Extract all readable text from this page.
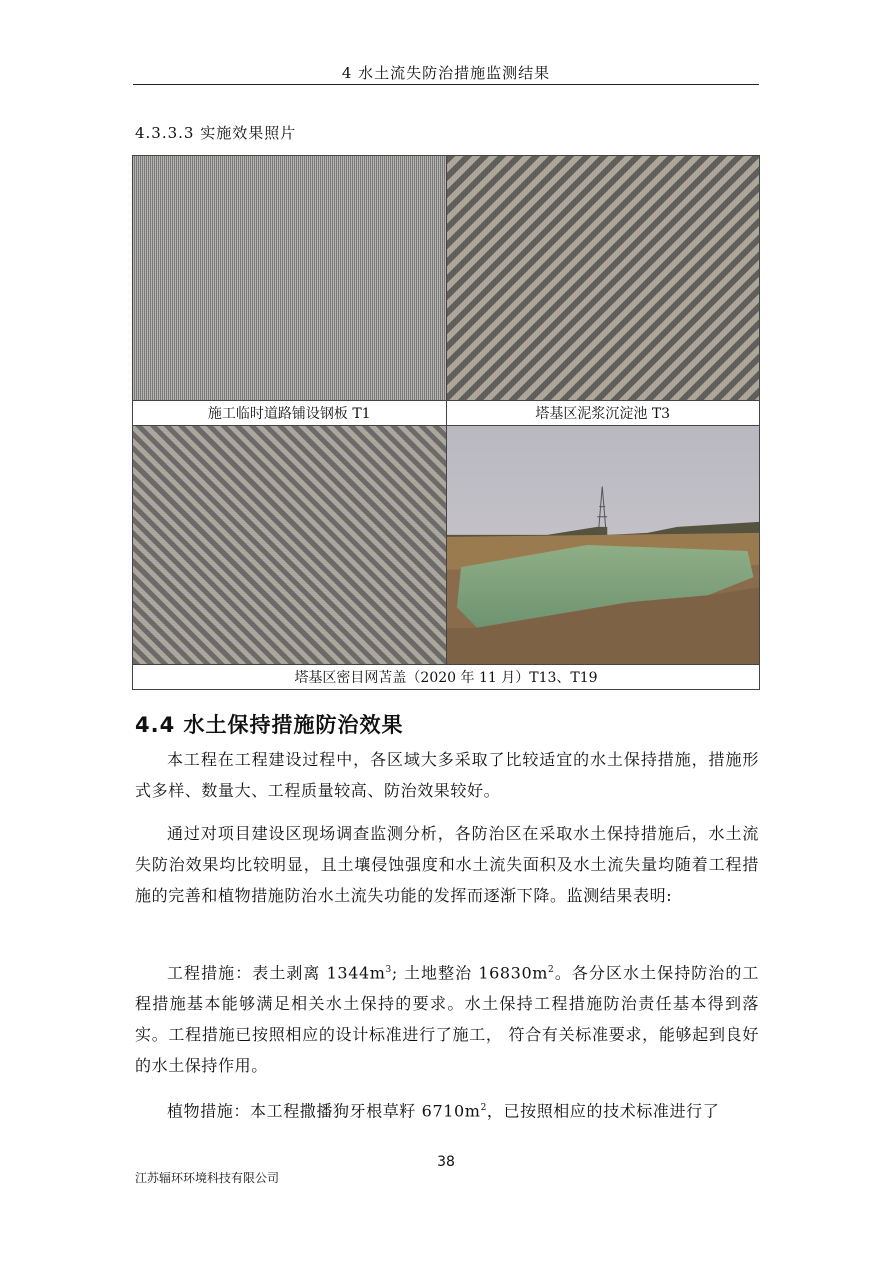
4 水土流失防治措施监测结果
4.3.3.3 实施效果照片

施工临时道路铺设钢板 T1	塔基区泥浆沉淀池 T3

塔基区密目网苫盖（2020 年 11 月）T13、T19	
4.4 水土保持措施防治效果
本工程在工程建设过程中，各区域大多采取了比较适宜的水土保持措施，措施形式多样、数量大、工程质量较高、防治效果较好。
通过对项目建设区现场调查监测分析，各防治区在采取水土保持措施后，水土流失防治效果均比较明显，且土壤侵蚀强度和水土流失面积及水土流失量均随着工程措施的完善和植物措施防治水土流失功能的发挥而逐渐下降。监测结果表明:
工程措施：表土剥离 $1344m^3$; 土地整治 $16830m^2$。各分区水土保持防治的工程措施基本能够满足相关水土保持的要求。水土保持工程措施防治责任基本得到落实。工程措施已按照相应的设计标准进行了施工， 符合有关标准要求，能够起到良好的水土保持作用。
植物措施：本工程撒播狗牙根草籽 $6710m^2$，已按照相应的技术标准进行了
38
江苏辐环环境科技有限公司
